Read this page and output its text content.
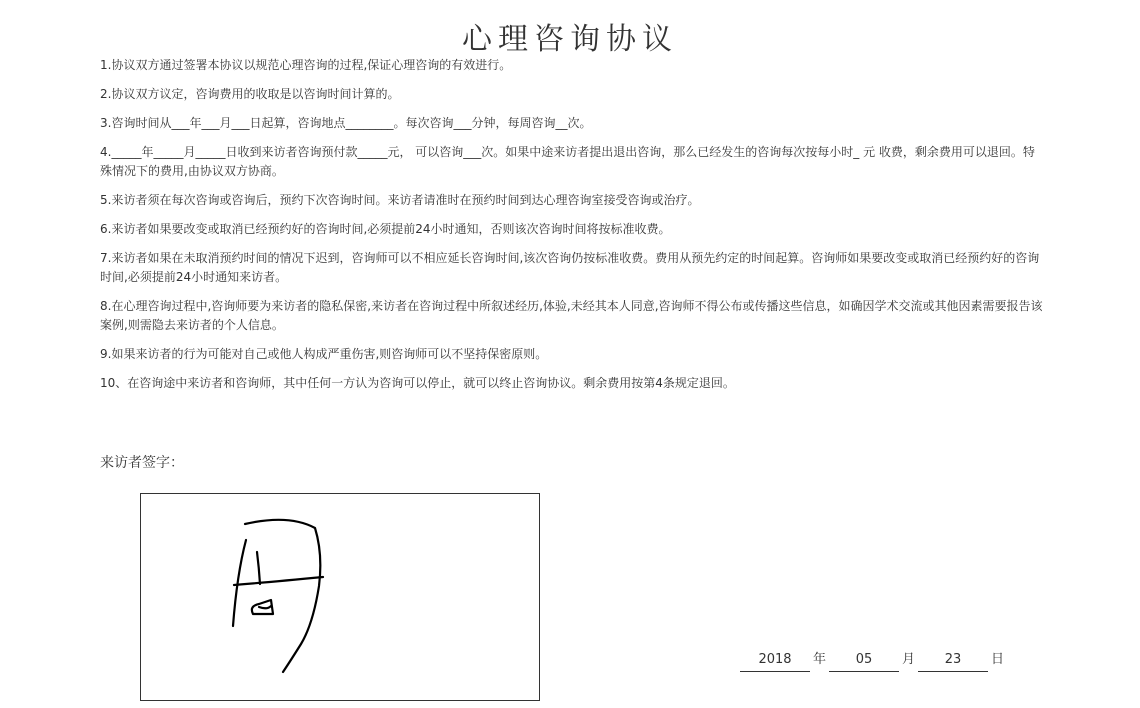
心理咨询协议

1.协议双方通过签署本协议以规范心理咨询的过程,保证心理咨询的有效进行。

2.协议双方议定，咨询费用的收取是以咨询时间计算的。

3.咨询时间从___年___月___日起算，咨询地点________。每次咨询___分钟，每周咨询__次。

4._____年_____月_____日收到来访者咨询预付款_____元， 可以咨询___次。如果中途来访者提出退出咨询，那么已经发生的咨询每次按每小时_ 元 收费，剩余费用可以退回。特殊情况下的费用,由协议双方协商。

5.来访者须在每次咨询或咨询后，预约下次咨询时间。来访者请准时在预约时间到达心理咨询室接受咨询或治疗。

6.来访者如果要改变或取消已经预约好的咨询时间,必须提前24小时通知，否则该次咨询时间将按标准收费。

7.来访者如果在未取消预约时间的情况下迟到，咨询师可以不相应延长咨询时间,该次咨询仍按标准收费。费用从预先约定的时间起算。咨询师如果要改变或取消已经预约好的咨询时间,必须提前24小时通知来访者。

8.在心理咨询过程中,咨询师要为来访者的隐私保密,来访者在咨询过程中所叙述经历,体验,未经其本人同意,咨询师不得公布或传播这些信息，如确因学术交流或其他因素需要报告该案例,则需隐去来访者的个人信息。

9.如果来访者的行为可能对自己或他人构成严重伤害,则咨询师可以不坚持保密原则。

10、在咨询途中来访者和咨询师，其中任何一方认为咨询可以停止，就可以终止咨询协议。剩余费用按第4条规定退回。

来访者签字：
2018	年	05	月	23	日
